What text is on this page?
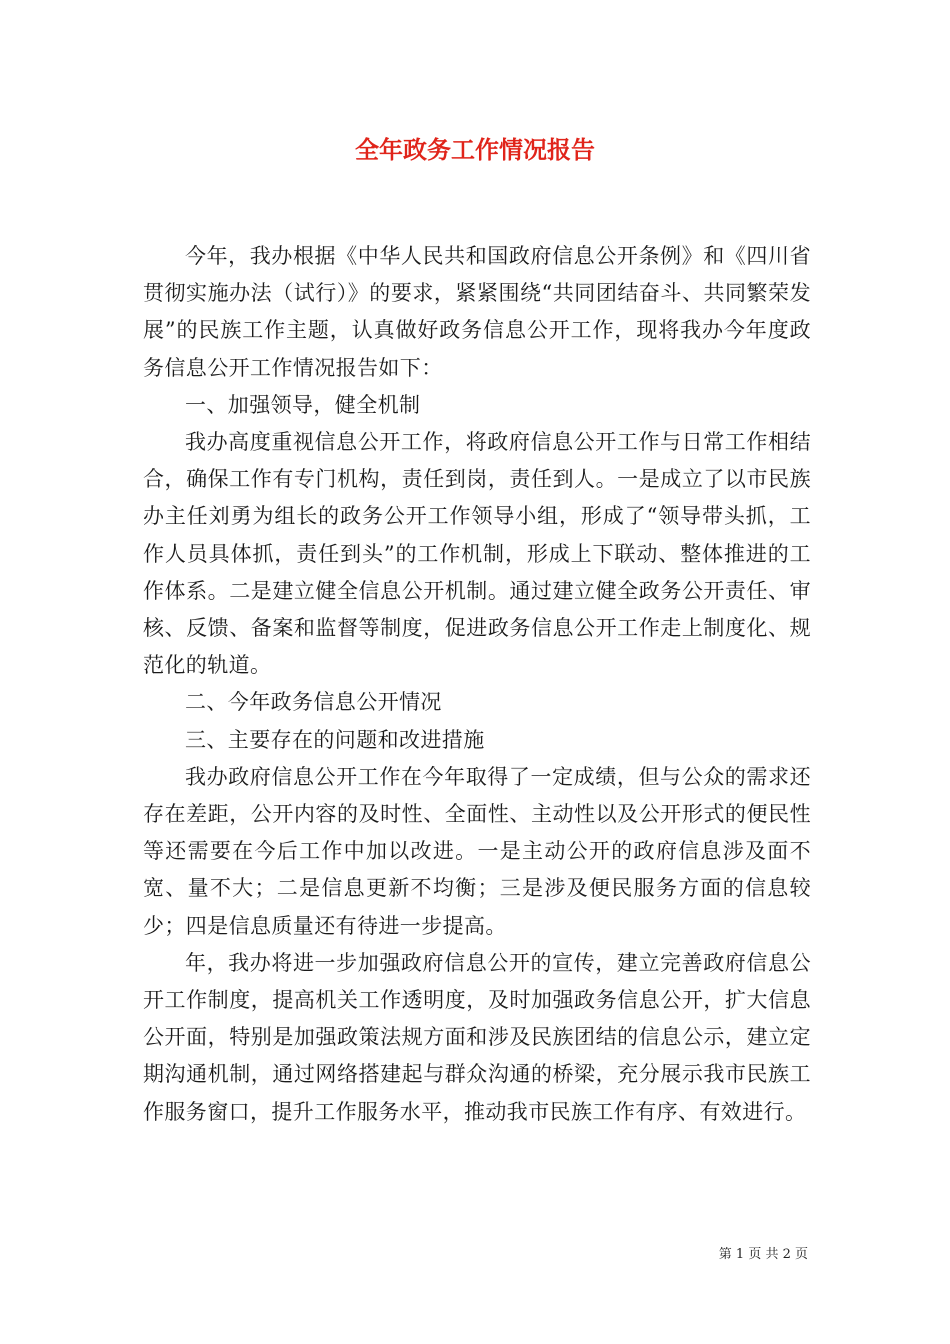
全年政务工作情况报告

今年，我办根据《中华人民共和国政府信息公开条例》和《四川省贯彻实施办法（试行）》的要求，紧紧围绕“共同团结奋斗、共同繁荣发展”的民族工作主题，认真做好政务信息公开工作，现将我办今年度政务信息公开工作情况报告如下：

一、加强领导，健全机制

我办高度重视信息公开工作，将政府信息公开工作与日常工作相结合，确保工作有专门机构，责任到岗，责任到人。一是成立了以市民族办主任刘勇为组长的政务公开工作领导小组，形成了“领导带头抓，工作人员具体抓，责任到头”的工作机制，形成上下联动、整体推进的工作体系。二是建立健全信息公开机制。通过建立健全政务公开责任、审核、反馈、备案和监督等制度，促进政务信息公开工作走上制度化、规范化的轨道。

二、今年政务信息公开情况

三、主要存在的问题和改进措施

我办政府信息公开工作在今年取得了一定成绩，但与公众的需求还存在差距，公开内容的及时性、全面性、主动性以及公开形式的便民性等还需要在今后工作中加以改进。一是主动公开的政府信息涉及面不宽、量不大；二是信息更新不均衡；三是涉及便民服务方面的信息较少；四是信息质量还有待进一步提高。

年，我办将进一步加强政府信息公开的宣传，建立完善政府信息公开工作制度，提高机关工作透明度，及时加强政务信息公开，扩大信息公开面，特别是加强政策法规方面和涉及民族团结的信息公示，建立定期沟通机制，通过网络搭建起与群众沟通的桥梁，充分展示我市民族工作服务窗口，提升工作服务水平，推动我市民族工作有序、有效进行。

第 1 页 共 2 页
